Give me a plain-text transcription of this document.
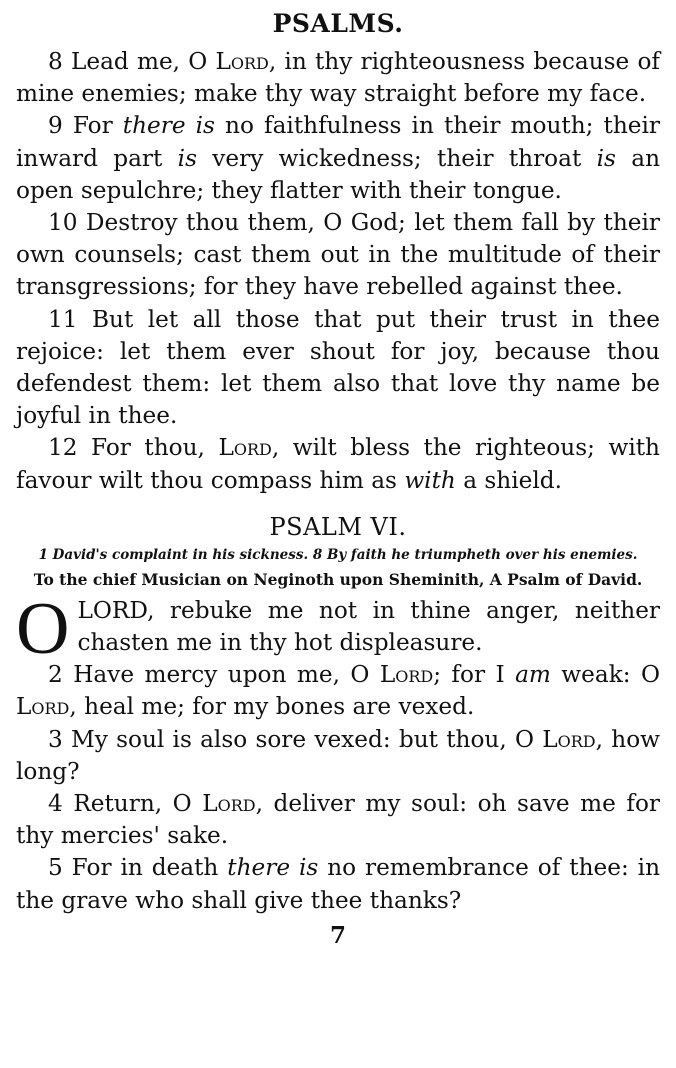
PSALMS.

8 Lead me, O Lord, in thy righteousness because of mine enemies; make thy way straight before my face.

9 For there is no faithfulness in their mouth; their inward part is very wickedness; their throat is an open sepulchre; they flatter with their tongue.

10 Destroy thou them, O God; let them fall by their own counsels; cast them out in the multitude of their transgressions; for they have rebelled against thee.

11 But let all those that put their trust in thee rejoice: let them ever shout for joy, because thou defendest them: let them also that love thy name be joyful in thee.

12 For thou, Lord, wilt bless the righteous; with favour wilt thou compass him as with a shield.

PSALM VI.

1 David's complaint in his sickness. 8 By faith he triumpheth over his enemies.

To the chief Musician on Neginoth upon Sheminith, A Psalm of David.

O LORD, rebuke me not in thine anger, neither chasten me in thy hot displeasure.

2 Have mercy upon me, O Lord; for I am weak: O Lord, heal me; for my bones are vexed.

3 My soul is also sore vexed: but thou, O Lord, how long?

4 Return, O Lord, deliver my soul: oh save me for thy mercies' sake.

5 For in death there is no remembrance of thee: in the grave who shall give thee thanks?

7
